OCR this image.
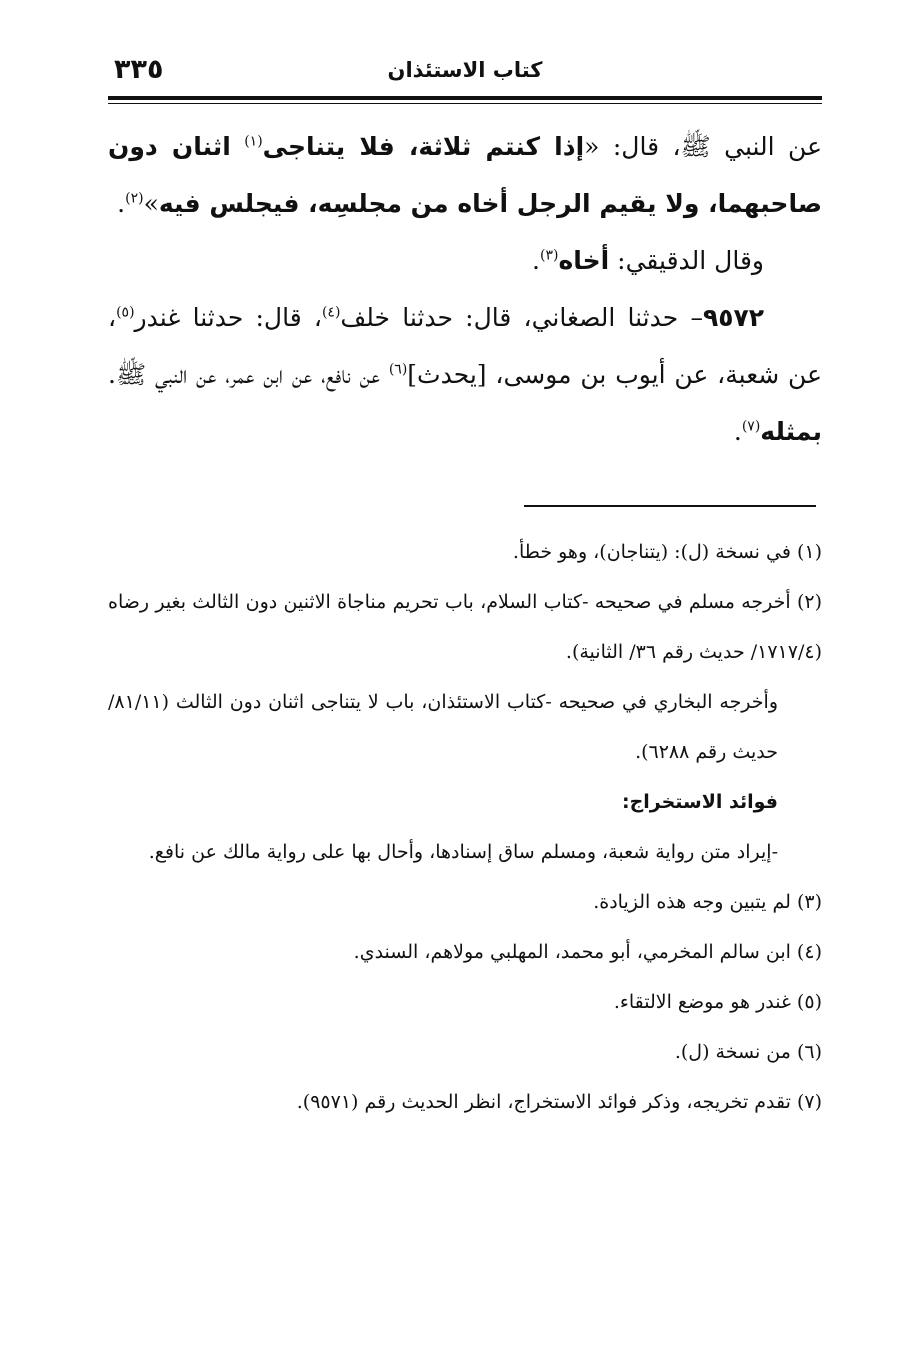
كتاب الاستئذان
٣٣٥

عن النبي ﷺ، قال: «إذا كنتم ثلاثة، فلا يتناجى$^{(١)}$ اثنان دون صاحبهما، ولا يقيم الرجل أخاه من مجلسِه، فيجلس فيه»$^{(٢)}$.

وقال الدقيقي: أخاه$^{(٣)}$.

٩٥٧٢– حدثنا الصغاني، قال: حدثنا خلف$^{(٤)}$، قال: حدثنا غندر$^{(٥)}$، عن شعبة، عن أيوب بن موسى، [يحدث]$^{(٦)}$ عن نافع، عن ابن عمر، عن النبي ﷺ. بمثله$^{(٧)}$.

(١) في نسخة (ل): (يتناجان)، وهو خطأ.

(٢) أخرجه مسلم في صحيحه -كتاب السلام، باب تحريم مناجاة الاثنين دون الثالث بغير رضاه (١٧١٧/٤/ حديث رقم ٣٦/ الثانية).

وأخرجه البخاري في صحيحه -كتاب الاستئذان، باب لا يتناجى اثنان دون الثالث (٨١/١١/ حديث رقم ٦٢٨٨).

فوائد الاستخراج:

-إيراد متن رواية شعبة، ومسلم ساق إسنادها، وأحال بها على رواية مالك عن نافع.

(٣) لم يتبين وجه هذه الزيادة.

(٤) ابن سالم المخرمي، أبو محمد، المهلبي مولاهم، السندي.

(٥) غندر هو موضع الالتقاء.

(٦) من نسخة (ل).

(٧) تقدم تخريجه، وذكر فوائد الاستخراج، انظر الحديث رقم (٩٥٧١).
